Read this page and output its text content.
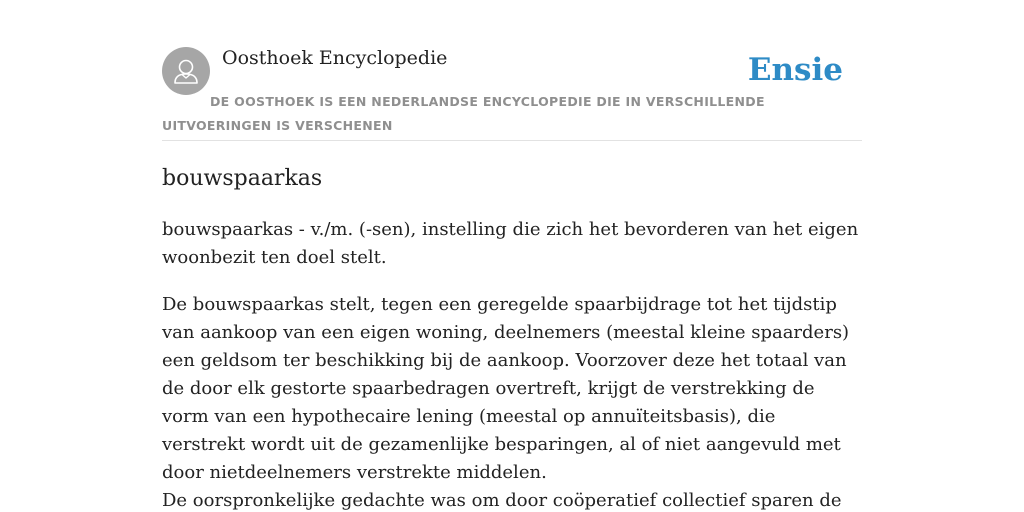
Oosthoek Encyclopedie	Ensie
DE OOSTHOEK IS EEN NEDERLANDSE ENCYCLOPEDIE DIE IN VERSCHILLENDE UITVOERINGEN IS VERSCHENEN
bouwspaarkas

bouwspaarkas - v./m. (-sen), instelling die zich het bevorderen van het eigen woonbezit ten doel stelt.

De bouwspaarkas stelt, tegen een geregelde spaarbijdrage tot het tijdstip van aankoop van een eigen woning, deelnemers (meestal kleine spaarders) een geldsom ter beschikking bij de aankoop. Voorzover deze het totaal van de door elk gestorte spaarbedragen overtreft, krijgt de verstrekking de vorm van een hypothecaire lening (meestal op annuïteitsbasis), die verstrekt wordt uit de gezamenlijke besparingen, al of niet aangevuld met door nietdeelnemers verstrekte middelen.

De oorspronkelijke gedachte was om door coöperatief collectief sparen de
